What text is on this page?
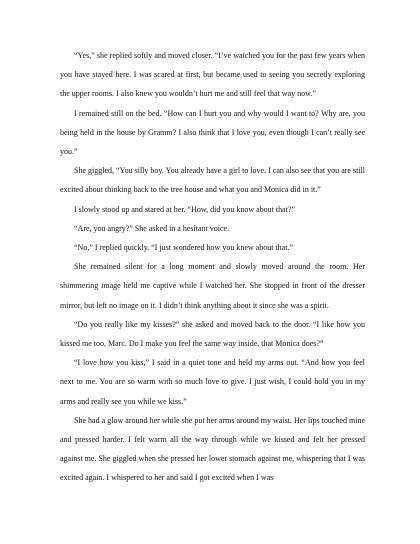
“Yes,” she replied softly and moved closer. “I’ve watched you for the past few years when you have stayed here. I was scared at first, but became used to seeing you secretly exploring the upper rooms. I also knew you wouldn’t hurt me and still feel that way now.”

I remained still on the bed. “How can I hurt you and why would I want to? Why are, you being held in the house by Gramm? I also think that I love you, even though I can’t really see you.”

She giggled, “You silly boy. You already have a girl to love. I can also see that you are still excited about thinking back to the tree house and what you and Monica did in it.”

I slowly stood up and stared at her. “How, did you know about that?”

“Are, you angry?” She asked in a hesitant voice.

“No,” I replied quickly. “I just wondered how you knew about that.”

She remained silent for a long moment and slowly moved around the room. Her shimmering image held me captive while I watched her. She stopped in front of the dresser mirror, but left no image on it. I didn’t think anything about it since she was a spirit.

“Do you really like my kisses?” she asked and moved back to the door. “I like how you kissed me too, Marc. Do I make you feel the same way inside, that Monica does?”

“I love how you kiss,” I said in a quiet tone and held my arms out. “And how you feel next to me. You are so warm with so much love to give. I just wish, I could hold you in my arms and really see you while we kiss.”

She had a glow around her while she put her arms around my waist. Her lips touched mine and pressed harder. I felt warm all the way through while we kissed and felt her pressed against me. She giggled when she pressed her lower stomach against me, whispering that I was excited again. I whispered to her and said I got excited when I was
